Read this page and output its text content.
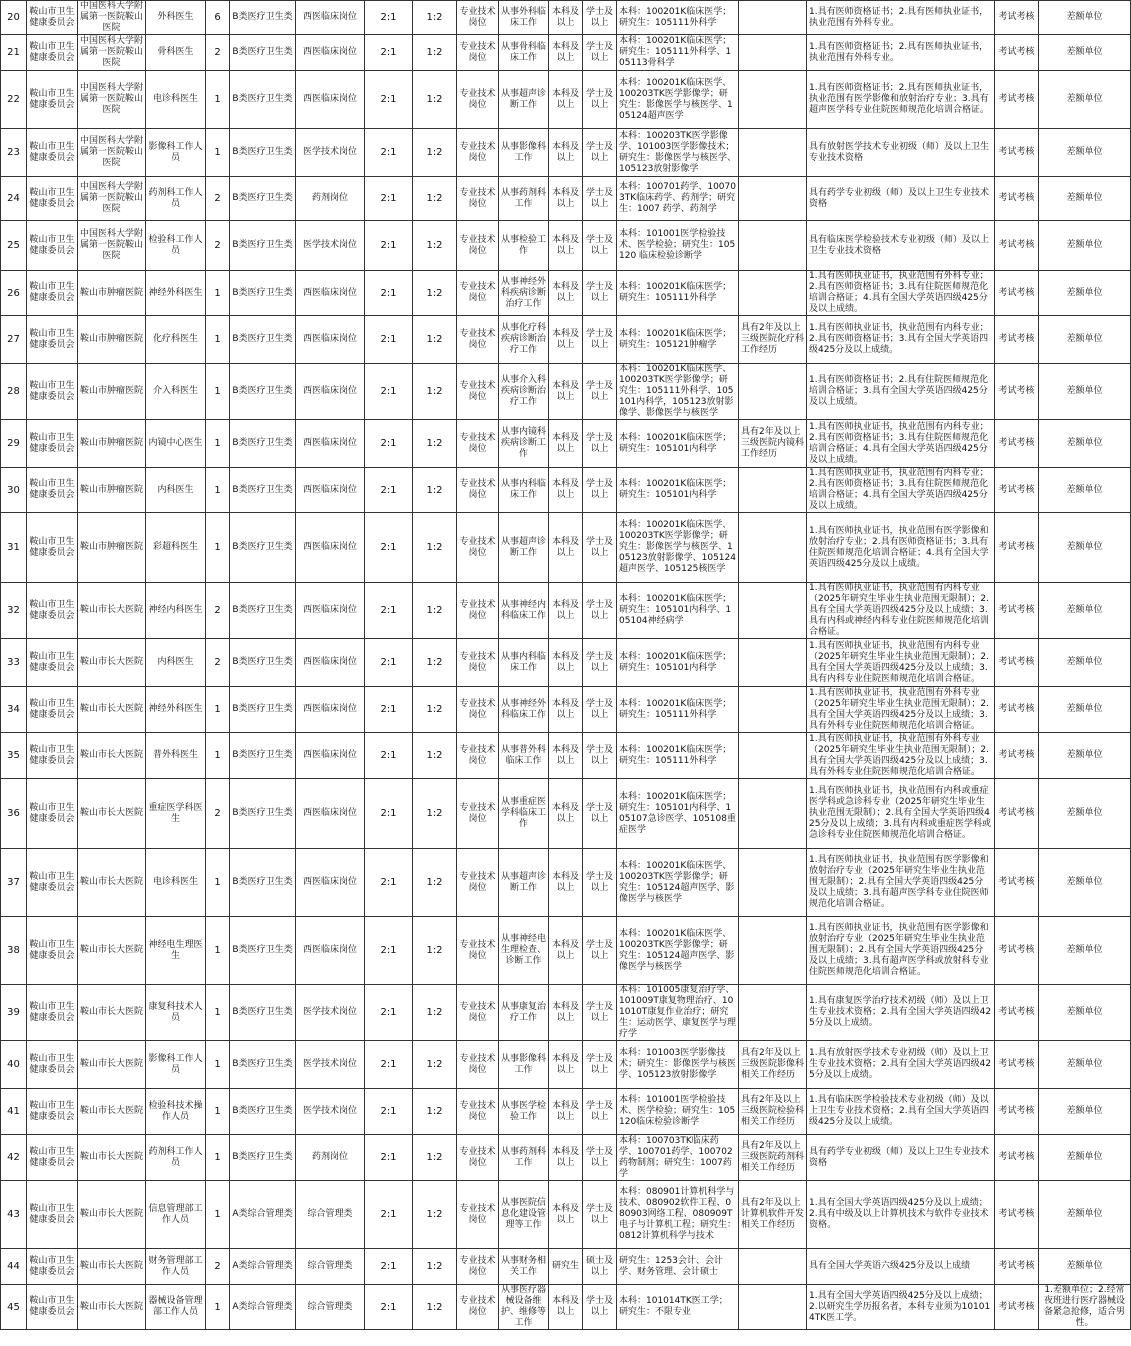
20	鞍山市卫生健康委员会	中国医科大学附属第一医院鞍山医院	外科医生	6	B类医疗卫生类	西医临床岗位	2:1	1:2	专业技术岗位	从事外科临床工作	本科及以上	学士及以上	本科：100201K临床医学；研究生：105111外科学		1.具有医师资格证书；2.具有医师执业证书，执业范围有外科专业。	考试考核	差额单位
21	鞍山市卫生健康委员会	中国医科大学附属第一医院鞍山医院	骨科医生	2	B类医疗卫生类	西医临床岗位	2:1	1:2	专业技术岗位	从事骨科临床工作	本科及以上	学士及以上	本科：100201K临床医学；研究生：105111外科学、105113骨科学		1.具有医师资格证书；2.具有医师执业证书，执业范围有外科专业。	考试考核	差额单位
22	鞍山市卫生健康委员会	中国医科大学附属第一医院鞍山医院	电诊科医生	1	B类医疗卫生类	西医临床岗位	2:1	1:2	专业技术岗位	从事超声诊断工作	本科及以上	学士及以上	本科：100201K临床医学、100203TK医学影像学；研究生：影像医学与核医学、105124超声医学		1.具有医师资格证书；2.具有医师执业证书，执业范围有医学影像和放射治疗专业；3.具有超声医学科专业住院医师规范化培训合格证。	考试考核	差额单位
23	鞍山市卫生健康委员会	中国医科大学附属第一医院鞍山医院	影像科工作人员	1	B类医疗卫生类	医学技术岗位	2:1	1:2	专业技术岗位	从事影像科工作	本科及以上	学士及以上	本科：100203TK医学影像学、101003医学影像技术；研究生：影像医学与核医学、105123放射影像学		具有放射医学技术专业初级（师）及以上卫生专业技术资格	考试考核	差额单位
24	鞍山市卫生健康委员会	中国医科大学附属第一医院鞍山医院	药剂科工作人员	2	B类医疗卫生类	药剂岗位	2:1	1:2	专业技术岗位	从事药剂科工作	本科及以上	学士及以上	本科：100701药学、100703TK临床药学、药剂学；研究生：1007 药学、药剂学		具有药学专业初级（师）及以上卫生专业技术资格	考试考核	差额单位
25	鞍山市卫生健康委员会	中国医科大学附属第一医院鞍山医院	检验科工作人员	2	B类医疗卫生类	医学技术岗位	2:1	1:2	专业技术岗位	从事检验工作	本科及以上	学士及以上	本科：101001医学检验技术、医学检验；研究生：105120 临床检验诊断学		具有临床医学检验技术专业初级（师）及以上卫生专业技术资格	考试考核	差额单位
26	鞍山市卫生健康委员会	鞍山市肿瘤医院	神经外科医生	1	B类医疗卫生类	西医临床岗位	2:1	1:2	专业技术岗位	从事神经外科疾病诊断治疗工作	本科及以上	学士及以上	本科：100201K临床医学；研究生：105111外科学		1.具有医师执业证书，执业范围有外科专业；2.具有医师资格证书；3.具有住院医师规范化培训合格证；4.具有全国大学英语四级425分及以上成绩。	考试考核	差额单位
27	鞍山市卫生健康委员会	鞍山市肿瘤医院	化疗科医生	1	B类医疗卫生类	西医临床岗位	2:1	1:2	专业技术岗位	从事化疗科疾病诊断治疗工作	本科及以上	学士及以上	本科：100201K临床医学；研究生：105121肿瘤学	具有2年及以上三级医院化疗科工作经历	1.具有医师执业证书，执业范围有内科专业；2.具有医师资格证书；3.具有全国大学英语四级425分及以上成绩。	考试考核	差额单位
28	鞍山市卫生健康委员会	鞍山市肿瘤医院	介入科医生	1	B类医疗卫生类	西医临床岗位	2:1	1:2	专业技术岗位	从事介入科疾病诊断治疗工作	本科及以上	学士及以上	本科：100201K临床医学、100203TK医学影像学；研究生：105111外科学、105101内科学，105123放射影像学、影像医学与核医学		1.具有医师资格证书；2.具有住院医师规范化培训合格证；3.具有全国大学英语四级425分及以上成绩。	考试考核	差额单位
29	鞍山市卫生健康委员会	鞍山市肿瘤医院	内镜中心医生	1	B类医疗卫生类	西医临床岗位	2:1	1:2	专业技术岗位	从事内镜科疾病诊断工作	本科及以上	学士及以上	本科：100201K临床医学；研究生：105101内科学	具有2年及以上三级医院内镜科工作经历	1.具有医师执业证书，执业范围有内科专业；2.具有医师资格证书；3.具有住院医师规范化培训合格证；4.具有全国大学英语四级425分及以上成绩。	考试考核	差额单位
30	鞍山市卫生健康委员会	鞍山市肿瘤医院	内科医生	1	B类医疗卫生类	西医临床岗位	2:1	1:2	专业技术岗位	从事内科临床工作	本科及以上	学士及以上	本科：100201K临床医学；研究生：105101内科学		1.具有医师执业证书，执业范围有内科专业；2.具有医师资格证书；3.具有住院医师规范化培训合格证；4.具有全国大学英语四级425分及以上成绩。	考试考核	差额单位
31	鞍山市卫生健康委员会	鞍山市肿瘤医院	彩超科医生	1	B类医疗卫生类	西医临床岗位	2:1	1:2	专业技术岗位	从事超声诊断工作	本科及以上	学士及以上	本科：100201K临床医学、100203TK医学影像学；研究生：影像医学与核医学、105123放射影像学、105124超声医学、105125核医学		1.具有医师执业证书，执业范围有医学影像和放射治疗专业；2.具有医师资格证书；3.具有住院医师规范化培训合格证；4.具有全国大学英语四级425分及以上成绩。	考试考核	差额单位
32	鞍山市卫生健康委员会	鞍山市长大医院	神经内科医生	2	B类医疗卫生类	西医临床岗位	2:1	1:2	专业技术岗位	从事神经内科临床工作	本科及以上	学士及以上	本科：100201K临床医学；研究生：105101内科学、105104神经病学		1.具有医师执业证书，执业范围有内科专业（2025年研究生毕业生执业范围无限制）；2.具有全国大学英语四级425分及以上成绩；3.具有内科或神经内科专业住院医师规范化培训合格证。	考试考核	差额单位
33	鞍山市卫生健康委员会	鞍山市长大医院	内科医生	2	B类医疗卫生类	西医临床岗位	2:1	1:2	专业技术岗位	从事内科临床工作	本科及以上	学士及以上	本科：100201K临床医学；研究生：105101内科学		1.具有医师执业证书，执业范围有内科专业（2025年研究生毕业生执业范围无限制）；2.具有全国大学英语四级425分及以上成绩；3.具有内科专业住院医师规范化培训合格证。	考试考核	差额单位
34	鞍山市卫生健康委员会	鞍山市长大医院	神经外科医生	1	B类医疗卫生类	西医临床岗位	2:1	1:2	专业技术岗位	从事神经外科临床工作	本科及以上	学士及以上	本科：100201K临床医学；研究生：105111外科学		1.具有医师执业证书，执业范围有外科专业（2025年研究生毕业生执业范围无限制）；2.具有全国大学英语四级425分及以上成绩；3.具有外科专业住院医师规范化培训合格证。	考试考核	差额单位
35	鞍山市卫生健康委员会	鞍山市长大医院	普外科医生	1	B类医疗卫生类	西医临床岗位	2:1	1:2	专业技术岗位	从事普外科临床工作	本科及以上	学士及以上	本科：100201K临床医学；研究生：105111外科学		1.具有医师执业证书，执业范围有外科专业（2025年研究生毕业生执业范围无限制）；2.具有全国大学英语四级425分及以上成绩；3.具有外科专业住院医师规范化培训合格证。	考试考核	差额单位
36	鞍山市卫生健康委员会	鞍山市长大医院	重症医学科医生	2	B类医疗卫生类	西医临床岗位	2:1	1:2	专业技术岗位	从事重症医学科临床工作	本科及以上	学士及以上	本科：100201K临床医学；研究生：105101内科学、105107急诊医学、105108重症医学		1.具有医师执业证书，执业范围有内科或重症医学科或急诊科专业（2025年研究生毕业生执业范围无限制）；2.具有全国大学英语四级425分及以上成绩；3.具有内科或重症医学科或急诊科专业住院医师规范化培训合格证。	考试考核	差额单位
37	鞍山市卫生健康委员会	鞍山市长大医院	电诊科医生	1	B类医疗卫生类	西医临床岗位	2:1	1:2	专业技术岗位	从事超声诊断工作	本科及以上	学士及以上	本科：100201K临床医学、100203TK医学影像学；研究生：105124超声医学、影像医学与核医学		1.具有医师执业证书，执业范围有医学影像和放射治疗专业（2025年研究生毕业生执业范围无限制）；2.具有全国大学英语四级425分及以上成绩；3.具有超声医学科专业住院医师规范化培训合格证。	考试考核	差额单位
38	鞍山市卫生健康委员会	鞍山市长大医院	神经电生理医生	1	B类医疗卫生类	西医临床岗位	2:1	1:2	专业技术岗位	从事神经电生理检查、诊断工作	本科及以上	学士及以上	本科：100201K临床医学、100203TK医学影像学；研究生：105124超声医学、影像医学与核医学		1.具有医师执业证书，执业范围有医学影像和放射治疗专业（2025年研究生毕业生执业范围无限制）；2.具有全国大学英语四级425分及以上成绩；3.具有超声医学科或放射科专业住院医师规范化培训合格证。	考试考核	差额单位
39	鞍山市卫生健康委员会	鞍山市长大医院	康复科技术人员	1	B类医疗卫生类	医学技术岗位	2:1	1:2	专业技术岗位	从事康复治疗工作	本科及以上	学士及以上	本科：101005康复治疗学、101009T康复物理治疗、101010T康复作业治疗；研究生：运动医学、康复医学与理疗学		1.具有康复医学治疗技术初级（师）及以上卫生专业技术资格；2.具有全国大学英语四级425分及以上成绩。	考试考核	差额单位
40	鞍山市卫生健康委员会	鞍山市长大医院	影像科工作人员	1	B类医疗卫生类	医学技术岗位	2:1	1:2	专业技术岗位	从事影像科工作	本科及以上	学士及以上	本科：101003医学影像技术；研究生：影像医学与核医学、105123放射影像学	具有2年及以上三级医院影像科相关工作经历	1.具有放射医学技术专业初级（师）及以上卫生专业技术资格；2.具有全国大学英语四级425分及以上成绩。	考试考核	差额单位
41	鞍山市卫生健康委员会	鞍山市长大医院	检验科技术操作人员	1	B类医疗卫生类	医学技术岗位	2:1	1:2	专业技术岗位	从事医学检验工作	本科及以上	学士及以上	本科：101001医学检验技术、医学检验；研究生：105120临床检验诊断学	具有2年及以上三级医院检验科相关工作经历	1.具有临床医学检验技术专业初级（师）及以上卫生专业技术资格；2.具有全国大学英语四级425分及以上成绩。	考试考核	差额单位
42	鞍山市卫生健康委员会	鞍山市长大医院	药剂科工作人员	1	B类医疗卫生类	药剂岗位	2:1	1:2	专业技术岗位	从事药剂科工作	本科及以上	学士及以上	本科：100703TK临床药学、100701药学、100702药物制剂；研究生：1007药学	具有2年及以上三级医院药剂科相关工作经历	具有药学专业初级（师）及以上卫生专业技术资格	考试考核	差额单位
43	鞍山市卫生健康委员会	鞍山市长大医院	信息管理部工作人员	1	A类综合管理类	综合管理类	2:1	1:2	专业技术岗位	从事医院信息化建设管理等工作	本科及以上	学士及以上	本科：080901计算机科学与技术、080902软件工程、080903网络工程、080909T电子与计算机工程；研究生：0812计算机科学与技术	具有2年及以上计算机软件开发相关工作经历	1.具有全国大学英语四级425分及以上成绩；2.具有中级及以上计算机技术与软件专业技术资格。	考试考核	差额单位
44	鞍山市卫生健康委员会	鞍山市长大医院	财务管理部工作人员	2	A类综合管理类	综合管理类	2:1	1:2	专业技术岗位	从事财务相关工作	研究生	硕士及以上	研究生：1253会计、会计学、财务管理、会计硕士		具有全国大学英语六级425分及以上成绩	考试考核	差额单位
45	鞍山市卫生健康委员会	鞍山市长大医院	器械设备管理部工作人员	1	A类综合管理类	综合管理类	2:1	1:2	专业技术岗位	从事医疗器械设备维护、维修等工作	本科及以上	学士及以上	本科：101014TK医工学；研究生：不限专业		1.具有全国大学英语四级425分及以上成绩；2.以研究生学历报名者，本科专业须为101014TK医工学。	考试考核	1.差额单位；2.经常夜班进行医疗器械设备紧急抢修，适合男性。
